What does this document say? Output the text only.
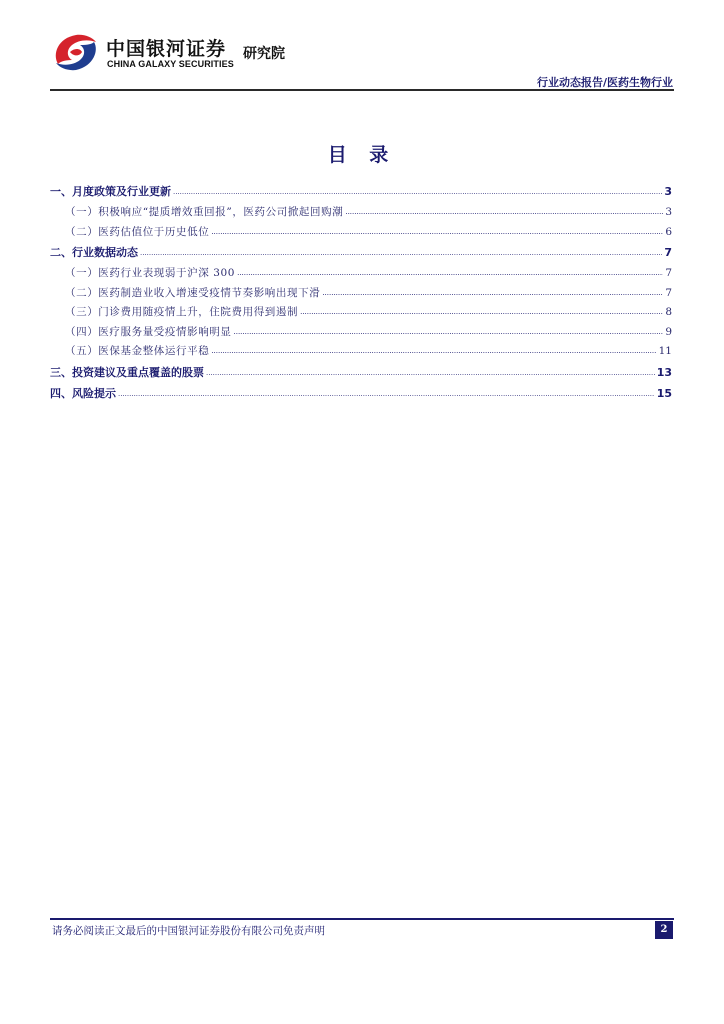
中国银河证券
CHINA GALAXY SECURITIES
研究院
行业动态报告/医药生物行业
目 录
一、月度政策及行业更新 .....	3
（一）积极响应“提质增效重回报”，医药公司掀起回购潮 .....	3
（二）医药估值位于历史低位 .....	6
二、行业数据动态 .....	7
（一）医药行业表现弱于沪深 300 .....	7
（二）医药制造业收入增速受疫情节奏影响出现下滑 .....	7
（三）门诊费用随疫情上升，住院费用得到遏制 .....	8
（四）医疗服务量受疫情影响明显 .....	9
（五）医保基金整体运行平稳 .....	11
三、投资建议及重点覆盖的股票 .....	13
四、风险提示 .....	15
请务必阅读正文最后的中国银河证券股份有限公司免责声明	2
